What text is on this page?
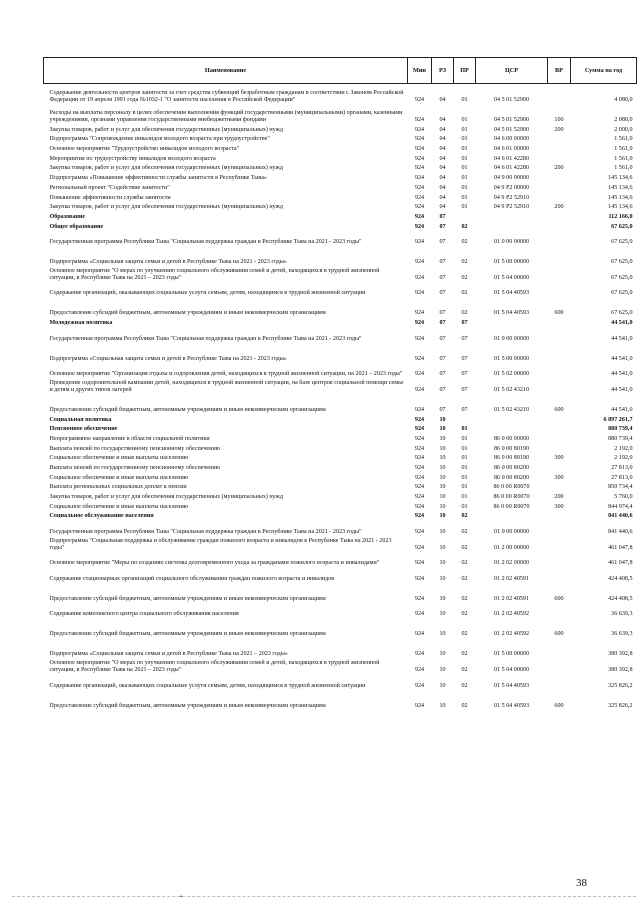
Наименование	Мин	РЗ	ПР	ЦСР	ВР	Сумма на год
Содержание деятельности центров занятости за счет средства субвенций безработным гражданам в соответствии с Законом Российской Федерации от 19 апреля 1991 года №1032-1 "О занятости населения в Российской Федерации"	924	04	01	04 5 01 52900		4 080,0
Расходы на выплаты персоналу в целях обеспечения выполнения функций государственными (муниципальными) органами, казенными учреждениями, органами управления государственными внебюджетными фондами	924	04	01	04 5 01 52900	100	2 080,0
Закупка товаров, работ и услуг для обеспечения государственных (муниципальных) нужд	924	04	01	04 5 01 52900	200	2 000,0
Подпрограмма "Сопровождение инвалидов молодого возраста при трудоустройстве"	924	04	01	04 6 00 00000		1 561,0
Основное мероприятие "Трудоустройство инвалидов молодого возраста"	924	04	01	04 6 01 00000		1 561,0
Мероприятия по трудоустройству инвалидов молодого возраста	924	04	01	04 6 01 42280		1 561,0
Закупка товаров, работ и услуг для обеспечения государственных (муниципальных) нужд	924	04	01	04 6 01 42280	200	1 561,0
Подпрограмма «Повышение эффективности службы занятости в Республике Тыва»	924	04	01	04 9 00 00000		145 134,6
Региональный проект "Содействие занятости"	924	04	01	04 9 P2 00000		145 134,6
Повышение эффективности службы занятости	924	04	01	04 9 P2 52910		145 134,6
Закупка товаров, работ и услуг для обеспечения государственных (муниципальных) нужд	924	04	01	04 9 P2 52910	200	145 134,6
Образование	924	07				112 166,0
Общее образование	924	07	02			67 625,0
Государственная программа Республики Тыва "Социальная поддержка граждан в Республике Тыва на 2021 - 2023 годы"	924	07	02	01 0 00 00000		67 625,0
Подпрограмма «Социальная защита семьи и детей в Республике Тыва на 2021 - 2023 годы»	924	07	02	01 5 00 00000		67 625,0
Основное мероприятие "О мерах по улучшению социального обслуживания семей и детей, находящихся в трудной жизненной ситуации, в Республике Тыва на 2021 – 2023 годы"	924	07	02	01 5 04 00000		67 625,0
Содержание организаций, оказывающих социальные услуги семьям, детям, находящимся в трудной жизненной ситуации	924	07	02	01 5 04 40593		67 625,0
Предоставление субсидий бюджетным, автономным учреждениям и иным некоммерческим организациям	924	07	02	01 5 04 40593	600	67 625,0
Молодежная политика	924	07	07			44 541,0
Государственная программа Республики Тыва "Социальная поддержка граждан в Республике Тыва на 2021 - 2023 годы"	924	07	07	01 0 00 00000		44 541,0
Подпрограмма «Социальная защита семьи и детей в Республике Тыва на 2021 - 2023 годы»	924	07	07	01 5 00 00000		44 541,0
Основное мероприятие "Организация отдыха и оздоровления детей, находящихся в трудной жизненной ситуации, на 2021 – 2023 годы"	924	07	07	01 5 02 00000		44 541,0
Проведение оздоровительной кампании детей, находящихся в трудной жизненной ситуации, на базе центров социальной помощи семье и детям и других типов лагерей	924	07	07	01 5 02 43210		44 541,0
Предоставление субсидий бюджетным, автономным учреждениям и иным некоммерческим организациям	924	07	07	01 5 02 43210	600	44 541,0
Социальная политика	924	10				6 897 261,7
Пенсионное обеспечение	924	10	01			880 739,4
Непрограммное направление в области социальной политики	924	10	01	86 0 00 00000		880 739,4
Выплата пенсий по государственному пенсионному обеспечению	924	10	01	86 0 00 80190		2 192,0
Социальное обеспечение и иные выплаты населению	924	10	01	86 0 00 80190	300	2 192,0
Выплата пенсий по государственному пенсионному обеспечению	924	10	01	86 0 00 80200		27 813,0
Социальное обеспечение и иные выплаты населению	924	10	01	86 0 00 80200	300	27 813,0
Выплата региональных социальных доплат к пенсии	924	10	01	86 0 00 R0070		850 734,4
Закупка товаров, работ и услуг для обеспечения государственных (муниципальных) нужд	924	10	01	86 0 00 R0070	200	5 760,0
Социальное обеспечение и иные выплаты населению	924	10	01	86 0 00 R0070	300	844 974,4
Социальное обслуживание населения	924	10	02			841 440,6
Государственная программа Республики Тыва "Социальная поддержка граждан в Республике Тыва на 2021 - 2023 годы"	924	10	02	01 0 00 00000		841 440,6
Подпрограмма "Социальная поддержка и обслуживание граждан пожилого возраста и инвалидов в Республике Тыва на 2021 - 2023 годы"	924	10	02	01 2 00 00000		461 047,8
Основное мероприятие "Меры по созданию системы долговременного ухода за гражданами пожилого возраста и инвалидами"	924	10	02	01 2 02 00000		461 047,8
Содержание стационарных организаций социального обслуживания граждан пожилого возраста и инвалидов	924	10	02	01 2 02 40591		424 408,5
Предоставление субсидий бюджетным, автономным учреждениям и иным некоммерческим организациям	924	10	02	01 2 02 40591	600	424 408,5
Содержание комплексного центра социального обслуживания населения	924	10	02	01 2 02 40592		36 639,3
Предоставление субсидий бюджетным, автономным учреждениям и иным некоммерческим организациям	924	10	02	01 2 02 40592	600	36 639,3
Подпрограмма «Социальная защита семьи и детей в Республике Тыва на 2021 – 2023 годы»	924	10	02	01 5 00 00000		380 392,8
Основное мероприятие "О мерах по улучшению социального обслуживания семей и детей, находящихся в трудной жизненной ситуации, в Республике Тыва на 2021 – 2023 годы"	924	10	02	01 5 04 00000		380 392,8
Содержание организаций, оказывающих социальные услуги семьям, детям, находящимся в трудной жизненной ситуации	924	10	02	01 5 04 40593		325 826,2
Предоставление субсидий бюджетным, автономным учреждениям и иным некоммерческим организациям	924	10	02	01 5 04 40593	600	325 826,2
38
•
